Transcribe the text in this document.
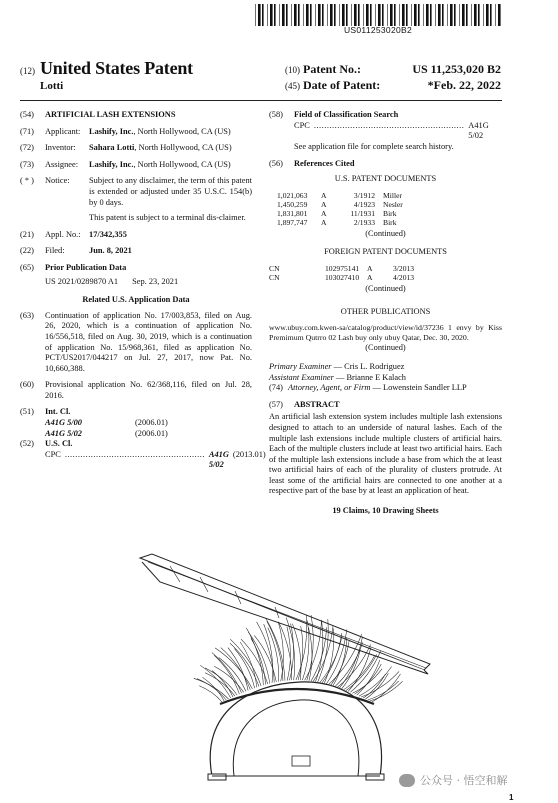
US011253020B2
(12) United States Patent
Lotti
(10) Patent No.:	US 11,253,020 B2
(45) Date of Patent:	*Feb. 22, 2022
(54)	ARTIFICIAL LASH EXTENSIONS
(71)	Applicant:	Lashify, Inc., North Hollywood, CA (US)
(72)	Inventor:	Sahara Lotti, North Hollywood, CA (US)
(73)	Assignee:	Lashify, Inc., North Hollywood, CA (US)
( * )	Notice:	Subject to any disclaimer, the term of this patent is extended or adjusted under 35 U.S.C. 154(b) by 0 days.
This patent is subject to a terminal dis-claimer.
(21)	Appl. No.:	17/342,355
(22)	Filed:	Jun. 8, 2021
(65)	Prior Publication Data
US 2021/0289870 A1 Sep. 23, 2021
Related U.S. Application Data
(63)	Continuation of application No. 17/003,853, filed on Aug. 26, 2020, which is a continuation of application No. 16/556,518, filed on Aug. 30, 2019, which is a continuation of application No. 15/968,361, filed as application No. PCT/US2017/044217 on Jul. 27, 2017, now Pat. No. 10,660,388.
(60)	Provisional application No. 62/368,116, filed on Jul. 28, 2016.
(51)	Int. Cl.
A41G 5/00	(2006.01)
A41G 5/02	(2006.01)
(52)	U.S. Cl.
CPC ...................................................... A41G 5/02
(2013.01)
(58)	Field of Classification Search
CPC .......................................................... A41G 5/02
See application file for complete search history.
(56)	References Cited
U.S. PATENT DOCUMENTS
1,021,063	A	3/1912	Miller
1,450,259	A	4/1923	Nesler
1,831,801	A	11/1931	Birk
1,897,747	A	2/1933	Birk
(Continued)
FOREIGN PATENT DOCUMENTS
CN	102975141	A	3/2013
CN	103027410	A	4/2013
(Continued)
OTHER PUBLICATIONS
www.ubuy.com.kwen-sa/catalog/product/view/id/37236 1 envy by Kiss Premimum Qutrro 02 Lash buy only ubuy Qatar, Dec. 30, 2020.
(Continued)
Primary Examiner — Cris L. Rodriguez
Assistant Examiner — Brianne E Kalach
(74) Attorney, Agent, or Firm — Lowenstein Sandler LLP
(57)	ABSTRACT
An artificial lash extension system includes multiple lash extensions designed to attach to an underside of natural lashes. Each of the multiple lash extensions include multiple clusters of artificial hairs. Each of the multiple clusters include at least two artificial hairs. Each of the multiple lash extensions include a base from which the at least two artificial hairs of each of the plurality of clusters protrude. At least some of the artificial hairs are connected to one another at a respective part of the base by at least an application of heat.
19 Claims, 10 Drawing Sheets
公众号 · 悟空和解
1
